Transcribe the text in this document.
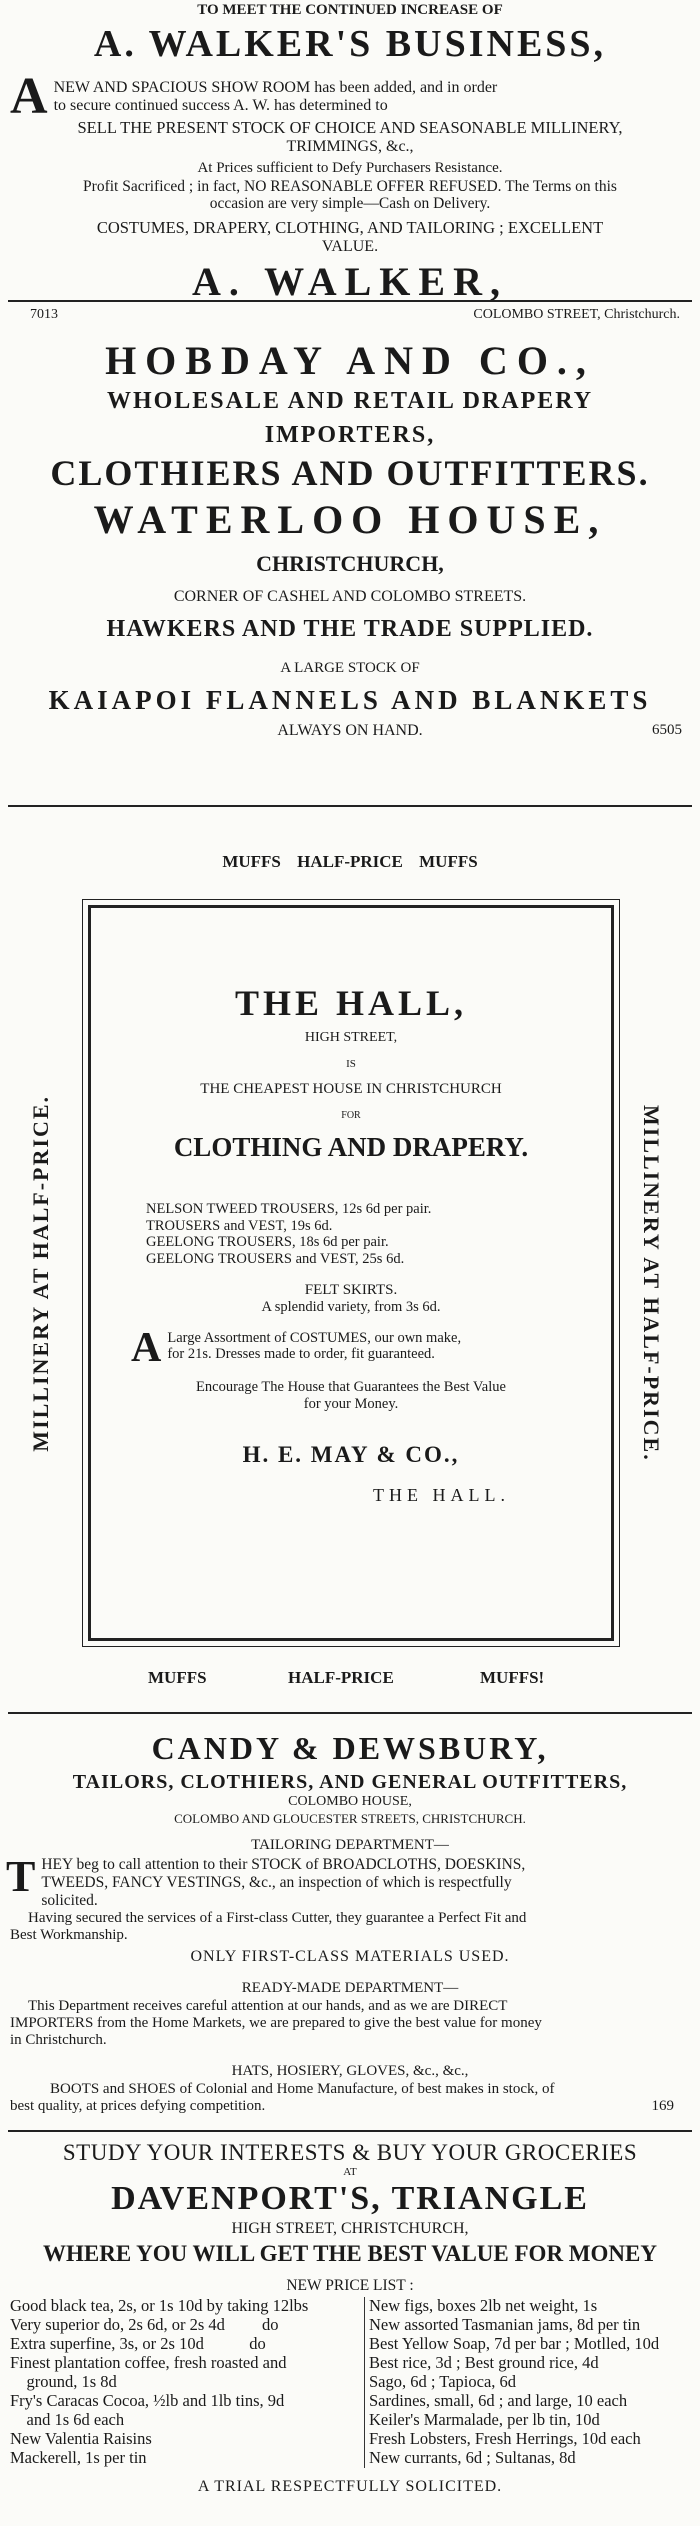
TO MEET THE CONTINUED INCREASE OF

A. WALKER'S BUSINESS,

A NEW AND SPACIOUS SHOW ROOM has been added, and in order

to secure continued success A. W. has determined to

SELL THE PRESENT STOCK OF CHOICE AND SEASONABLE MILLINERY,

TRIMMINGS, &c.,

At Prices sufficient to Defy Purchasers Resistance.

Profit Sacrificed ; in fact, NO REASONABLE OFFER REFUSED. The Terms on this

occasion are very simple—Cash on Delivery.

COSTUMES, DRAPERY, CLOTHING, AND TAILORING ; EXCELLENT

VALUE.

A. WALKER,

7013	COLOMBO STREET, Christchurch.

HOBDAY AND CO.,

WHOLESALE AND RETAIL DRAPERY

IMPORTERS,

CLOTHIERS AND OUTFITTERS.

WATERLOO HOUSE,

CHRISTCHURCH,

CORNER OF CASHEL AND COLOMBO STREETS.

HAWKERS AND THE TRADE SUPPLIED.

A LARGE STOCK OF

KAIAPOI FLANNELS AND BLANKETS

ALWAYS ON HAND.	6505

MUFFS HALF-PRICE MUFFS

MILLINERY AT HALF-PRICE.	MILLINERY AT HALF-PRICE.

THE HALL,

HIGH STREET,

IS

THE CHEAPEST HOUSE IN CHRISTCHURCH

FOR

CLOTHING AND DRAPERY.

NELSON TWEED TROUSERS, 12s 6d per pair.

TROUSERS and VEST, 19s 6d.

GEELONG TROUSERS, 18s 6d per pair.

GEELONG TROUSERS and VEST, 25s 6d.

FELT SKIRTS.

A splendid variety, from 3s 6d.

A Large Assortment of COSTUMES, our own make,

for 21s. Dresses made to order, fit guaranteed.

Encourage The House that Guarantees the Best Value

for your Money.

H. E. MAY & CO.,

THE HALL.

MUFFS	HALF-PRICE	MUFFS!

CANDY & DEWSBURY,

TAILORS, CLOTHIERS, AND GENERAL OUTFITTERS,

COLOMBO HOUSE,

COLOMBO AND GLOUCESTER STREETS, CHRISTCHURCH.

TAILORING DEPARTMENT—

T HEY beg to call attention to their STOCK of BROADCLOTHS, DOESKINS,

TWEEDS, FANCY VESTINGS, &c., an inspection of which is respectfully

solicited.

Having secured the services of a First-class Cutter, they guarantee a Perfect Fit and

Best Workmanship.

ONLY FIRST-CLASS MATERIALS USED.

READY-MADE DEPARTMENT—

This Department receives careful attention at our hands, and as we are DIRECT

IMPORTERS from the Home Markets, we are prepared to give the best value for money

in Christchurch.

HATS, HOSIERY, GLOVES, &c., &c.,

BOOTS and SHOES of Colonial and Home Manufacture, of best makes in stock, of

best quality, at prices defying competition.	169

STUDY YOUR INTERESTS & BUY YOUR GROCERIES

AT

DAVENPORT'S, TRIANGLE

HIGH STREET, CHRISTCHURCH,

WHERE YOU WILL GET THE BEST VALUE FOR MONEY

NEW PRICE LIST :

Good black tea, 2s, or 1s 10d by taking 12lbs	New figs, boxes 2lb net weight, 1s
Very superior do, 2s 6d, or 2s 4d         do	New assorted Tasmanian jams, 8d per tin
Extra superfine, 3s, or 2s 10d           do	Best Yellow Soap, 7d per bar ; Motlled, 10d
Finest plantation coffee, fresh roasted and	Best rice, 3d ; Best ground rice, 4d
ground, 1s 8d	Sago, 6d ; Tapioca, 6d
Fry's Caracas Cocoa, ½lb and 1lb tins, 9d	Sardines, small, 6d ; and large, 10 each
and 1s 6d each	Keiler's Marmalade, per lb tin, 10d
New Valentia Raisins	Fresh Lobsters, Fresh Herrings, 10d each
Mackerell, 1s per tin	New currants, 6d ; Sultanas, 8d

A TRIAL RESPECTFULLY SOLICITED.
